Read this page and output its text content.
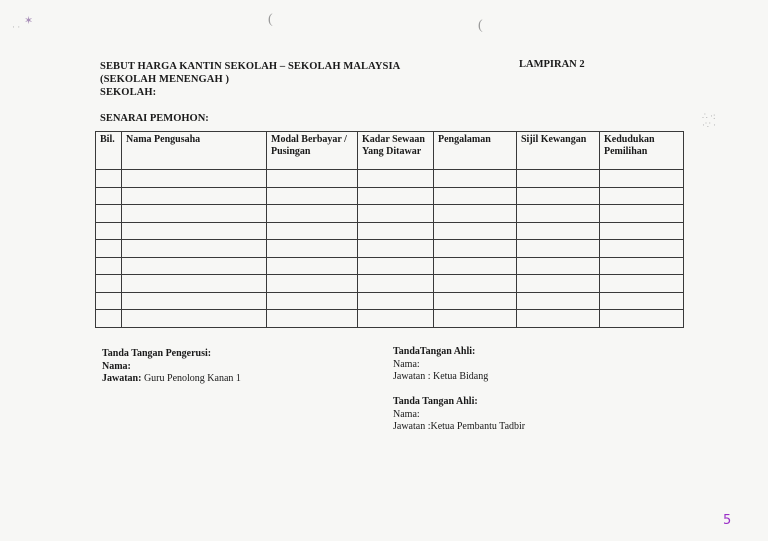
✶
· ·	(	(
∴ ·:
·∵ ·
SEBUT HARGA KANTIN SEKOLAH – SEKOLAH MALAYSIA
(SEKOLAH MENENGAH )
SEKOLAH:
LAMPIRAN 2
SENARAI PEMOHON:
Bil.	Nama Pengusaha	Modal Berbayar / Pusingan	Kadar Sewaan Yang Ditawar	Pengalaman	Sijil Kewangan	Kedudukan Pemilihan

Tanda Tangan Pengerusi:
Nama:
Jawatan: Guru Penolong Kanan 1
TandaTangan Ahli:
Nama:
Jawatan : Ketua Bidang
Tanda Tangan Ahli:
Nama:
Jawatan :Ketua Pembantu Tadbir
5
